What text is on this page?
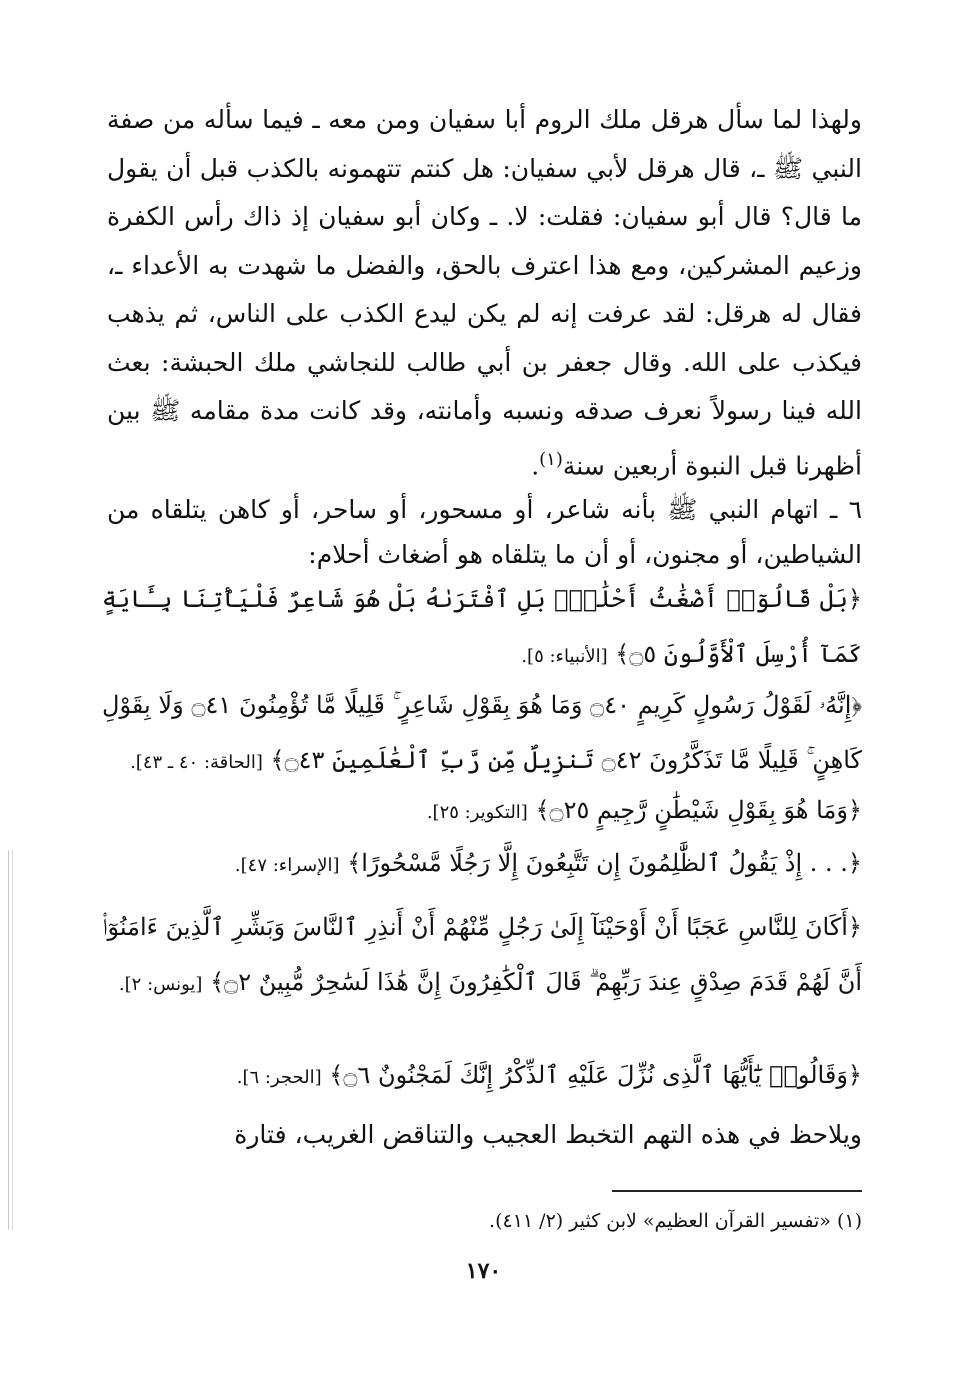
ولهذا لما سأل هرقل ملك الروم أبا سفيان ومن معه ـ فيما سأله من صفة النبي ﷺ ـ، قال هرقل لأبي سفيان: هل كنتم تتهمونه بالكذب قبل أن يقول ما قال؟ قال أبو سفيان: فقلت: لا. ـ وكان أبو سفيان إذ ذاك رأس الكفرة وزعيم المشركين، ومع هذا اعترف بالحق، والفضل ما شهدت به الأعداء ـ، فقال له هرقل: لقد عرفت إنه لم يكن ليدع الكذب على الناس، ثم يذهب فيكذب على الله. وقال جعفر بن أبي طالب للنجاشي ملك الحبشة: بعث الله فينا رسولاً نعرف صدقه ونسبه وأمانته، وقد كانت مدة مقامه ﷺ بين أظهرنا قبل النبوة أربعين سنة$^{(١)}$.
٦ ـ اتهام النبي ﷺ بأنه شاعر، أو مسحور، أو ساحر، أو كاهن يتلقاه من الشياطين، أو مجنون، أو أن ما يتلقاه هو أضغاث أحلام:
﴿بَلْ قَالُوٓا۟ أَضْغَٰثُ أَحْلَٰمٍۭ بَلِ ٱفْتَرَىٰهُ بَلْ هُوَ شَاعِرٌ فَلْيَأْتِنَا بِـَٔايَةٍ كَمَآ أُرْسِلَ ٱلْأَوَّلُونَ ۝٥﴾ [الأنبياء: ٥].
﴿إِنَّهُۥ لَقَوْلُ رَسُولٍ كَرِيمٍ ۝٤٠ وَمَا هُوَ بِقَوْلِ شَاعِرٍ ۚ قَلِيلًا مَّا تُؤْمِنُونَ ۝٤١ وَلَا بِقَوْلِ كَاهِنٍ ۚ قَلِيلًا مَّا تَذَكَّرُونَ ۝٤٢ تَنزِيلٌ مِّن رَّبِّ ٱلْعَٰلَمِينَ ۝٤٣﴾ [الحاقة: ٤٠ ـ ٤٣].
﴿وَمَا هُوَ بِقَوْلِ شَيْطَٰنٍ رَّجِيمٍ ۝٢٥﴾ [التكوير: ٢٥].
﴿. . . إِذْ يَقُولُ ٱلظَّٰلِمُونَ إِن تَتَّبِعُونَ إِلَّا رَجُلًا مَّسْحُورًا﴾ [الإسراء: ٤٧].
﴿أَكَانَ لِلنَّاسِ عَجَبًا أَنْ أَوْحَيْنَآ إِلَىٰ رَجُلٍ مِّنْهُمْ أَنْ أَنذِرِ ٱلنَّاسَ وَبَشِّرِ ٱلَّذِينَ ءَامَنُوٓا۟ أَنَّ لَهُمْ قَدَمَ صِدْقٍ عِندَ رَبِّهِمْ ۗ قَالَ ٱلْكَٰفِرُونَ إِنَّ هَٰذَا لَسَٰحِرٌ مُّبِينٌ ۝٢﴾ [يونس: ٢].
﴿وَقَالُوا۟ يَٰٓأَيُّهَا ٱلَّذِى نُزِّلَ عَلَيْهِ ٱلذِّكْرُ إِنَّكَ لَمَجْنُونٌ ۝٦﴾ [الحجر: ٦].
ويلاحظ في هذه التهم التخبط العجيب والتناقض الغريب، فتارة
(١) «تفسير القرآن العظيم» لابن كثير (٢/ ٤١١).
١٧٠
